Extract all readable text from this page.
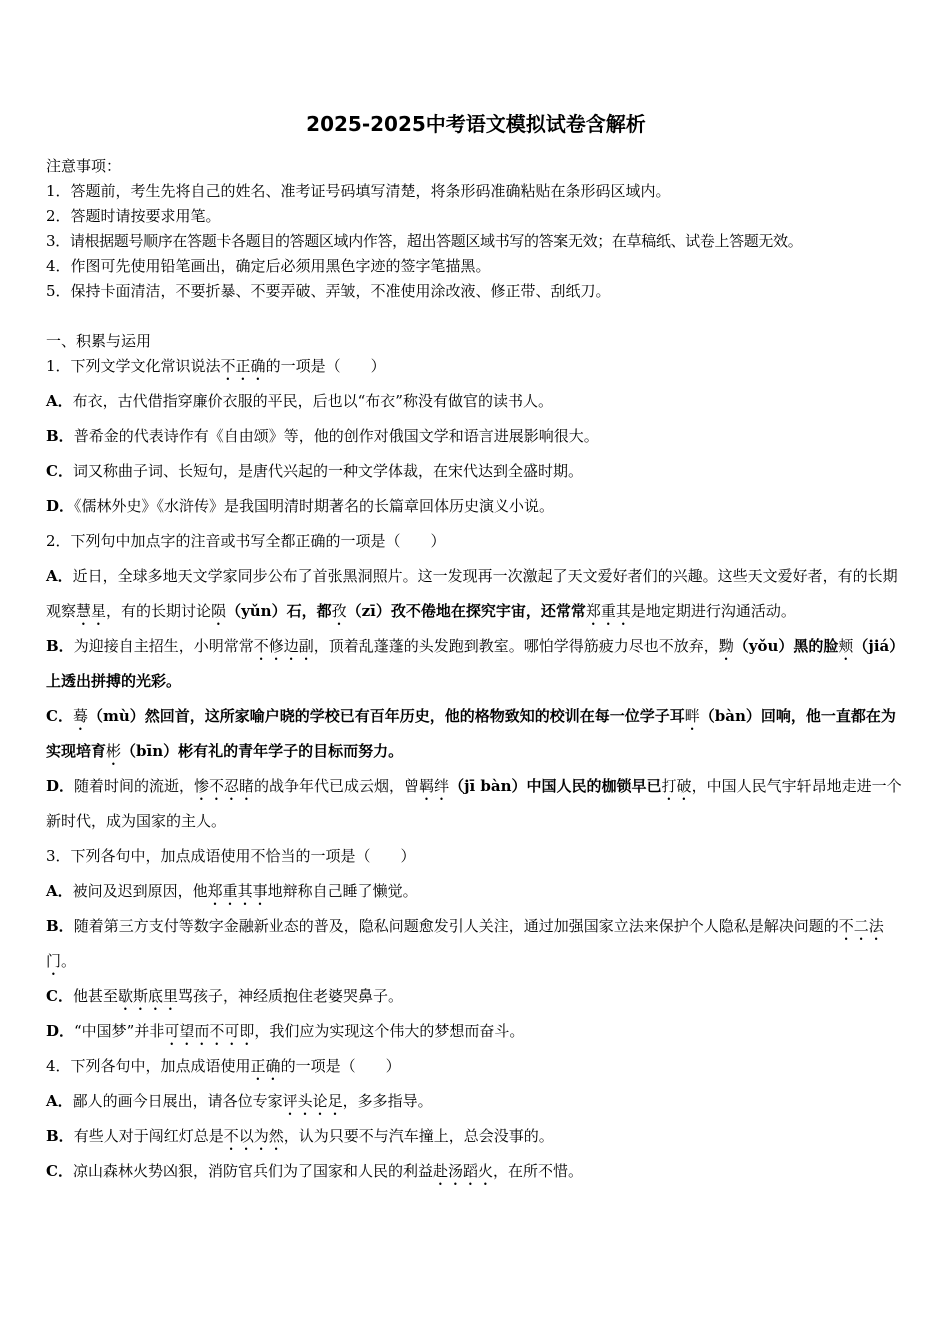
2025-2025中考语文模拟试卷含解析
注意事项：
1．答题前，考生先将自己的姓名、准考证号码填写清楚，将条形码准确粘贴在条形码区域内。
2．答题时请按要求用笔。
3．请根据题号顺序在答题卡各题目的答题区域内作答，超出答题区域书写的答案无效；在草稿纸、试卷上答题无效。
4．作图可先使用铅笔画出，确定后必须用黑色字迹的签字笔描黑。
5．保持卡面清洁，不要折暴、不要弄破、弄皱，不准使用涂改液、修正带、刮纸刀。
一、积累与运用
1．下列文学文化常识说法不正确的一项是（　　）
A．布衣，古代借指穿廉价衣服的平民，后也以“布衣”称没有做官的读书人。
B．普希金的代表诗作有《自由颂》等，他的创作对俄国文学和语言进展影响很大。
C．词又称曲子词、长短句，是唐代兴起的一种文学体裁，在宋代达到全盛时期。
D．《儒林外史》《水浒传》是我国明清时期著名的长篇章回体历史演义小说。
2．下列句中加点字的注音或书写全都正确的一项是（　　）
A．近日，全球多地天文学家同步公布了首张黑洞照片。这一发现再一次激起了天文爱好者们的兴趣。这些天文爱好者，有的长期观察慧星，有的长期讨论陨（yǔn）石，都孜（zī）孜不倦地在探究宇宙，还常常郑重其是地定期进行沟通活动。
B．为迎接自主招生，小明常常不修边副，顶着乱蓬蓬的头发跑到教室。哪怕学得筋疲力尽也不放弃，黝（yǒu）黑的脸颊（jiá）上透出拼搏的光彩。
C．蓦（mù）然回首，这所家喻户晓的学校已有百年历史，他的格物致知的校训在每一位学子耳畔（bàn）回响，他一直都在为实现培育彬（bīn）彬有礼的青年学子的目标而努力。
D．随着时间的流逝，惨不忍睹的战争年代已成云烟，曾羁绊（jī bàn）中国人民的枷锁早已打破，中国人民气宇轩昂地走进一个新时代，成为国家的主人。
3．下列各句中，加点成语使用不恰当的一项是（　　）
A．被问及迟到原因，他郑重其事地辩称自己睡了懒觉。
B．随着第三方支付等数字金融新业态的普及，隐私问题愈发引人关注，通过加强国家立法来保护个人隐私是解决问题的不二法门。
C．他甚至歇斯底里骂孩子，神经质抱住老婆哭鼻子。
D．“中国梦”并非可望而不可即，我们应为实现这个伟大的梦想而奋斗。
4．下列各句中，加点成语使用正确的一项是（　　）
A．鄙人的画今日展出，请各位专家评头论足，多多指导。
B．有些人对于闯红灯总是不以为然，认为只要不与汽车撞上，总会没事的。
C．凉山森林火势凶狠，消防官兵们为了国家和人民的利益赴汤蹈火，在所不惜。
